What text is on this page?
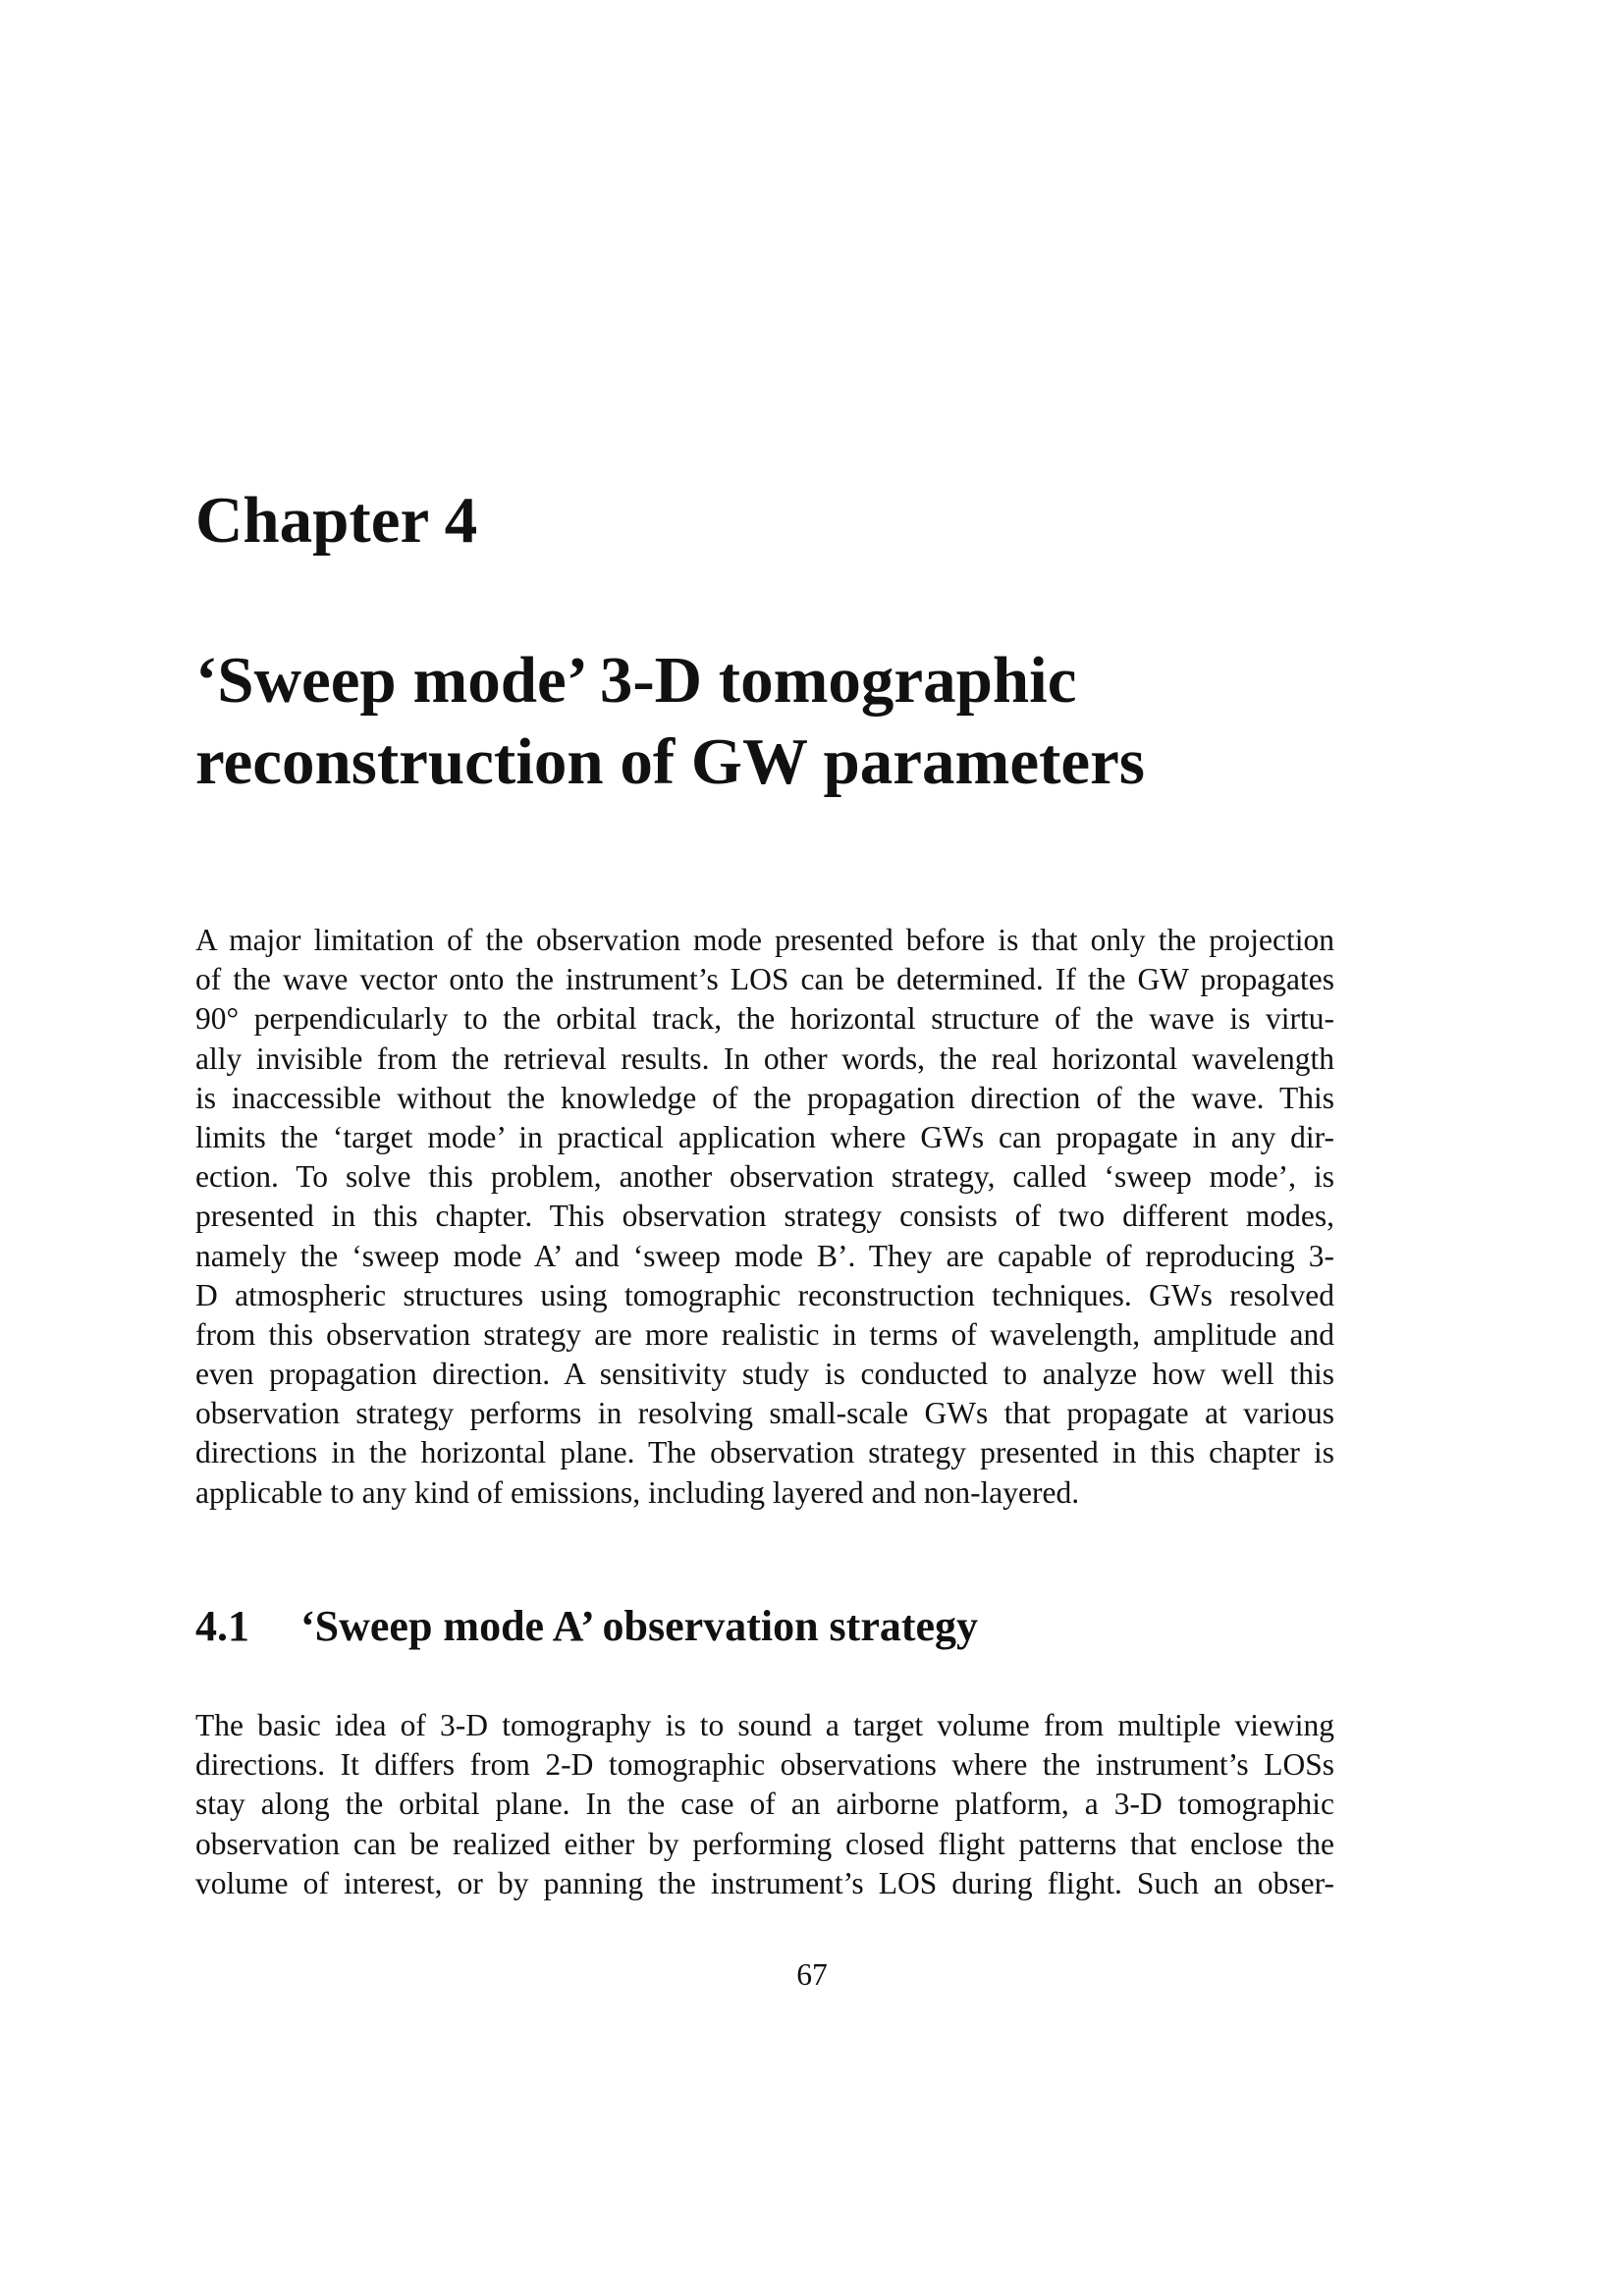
Chapter 4
‘Sweep mode’ 3-D tomographic
reconstruction of GW parameters
A major limitation of the observation mode presented before is that only the projection
of the wave vector onto the instrument’s LOS can be determined. If the GW propagates
90° perpendicularly to the orbital track, the horizontal structure of the wave is virtu-
ally invisible from the retrieval results. In other words, the real horizontal wavelength
is inaccessible without the knowledge of the propagation direction of the wave. This
limits the ‘target mode’ in practical application where GWs can propagate in any dir-
ection. To solve this problem, another observation strategy, called ‘sweep mode’, is
presented in this chapter. This observation strategy consists of two different modes,
namely the ‘sweep mode A’ and ‘sweep mode B’. They are capable of reproducing 3-
D atmospheric structures using tomographic reconstruction techniques. GWs resolved
from this observation strategy are more realistic in terms of wavelength, amplitude and
even propagation direction. A sensitivity study is conducted to analyze how well this
observation strategy performs in resolving small-scale GWs that propagate at various
directions in the horizontal plane. The observation strategy presented in this chapter is
applicable to any kind of emissions, including layered and non-layered.
4.1 ‘Sweep mode A’ observation strategy
The basic idea of 3-D tomography is to sound a target volume from multiple viewing
directions. It differs from 2-D tomographic observations where the instrument’s LOSs
stay along the orbital plane. In the case of an airborne platform, a 3-D tomographic
observation can be realized either by performing closed flight patterns that enclose the
volume of interest, or by panning the instrument’s LOS during flight. Such an obser-
67
